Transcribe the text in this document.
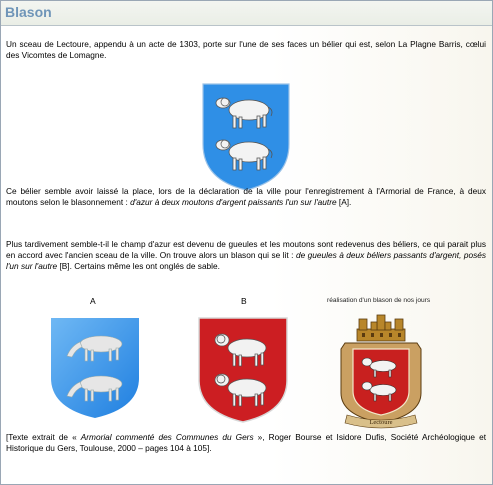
Blason

Un sceau de Lectoure, appendu à un acte de 1303, porte sur l'une de ses faces un bélier qui est, selon La Plagne Barris, cœlui des Vicomtes de Lomagne.

Ce bélier semble avoir laissé la place, lors de la déclaration de la ville pour l'enregistrement à l'Armorial de France, à deux moutons selon le blasonnement : d'azur à deux moutons d'argent paissants l'un sur l'autre [A].

Plus tardivement semble-t-il le champ d'azur est devenu de gueules et les moutons sont redevenus des béliers, ce qui parait plus en accord avec l'ancien sceau de la ville. On trouve alors un blason qui se lit : de gueules à deux béliers passants d'argent, posés l'un sur l'autre [B]. Certains même les ont onglés de sable.

A	B	réalisation d'un blason de nos jours
Lectoure

[Texte extrait de « Armorial commenté des Communes du Gers », Roger Bourse et Isidore Dufis, Société Archéologique et Historique du Gers, Toulouse, 2000 – pages 104 à 105].
